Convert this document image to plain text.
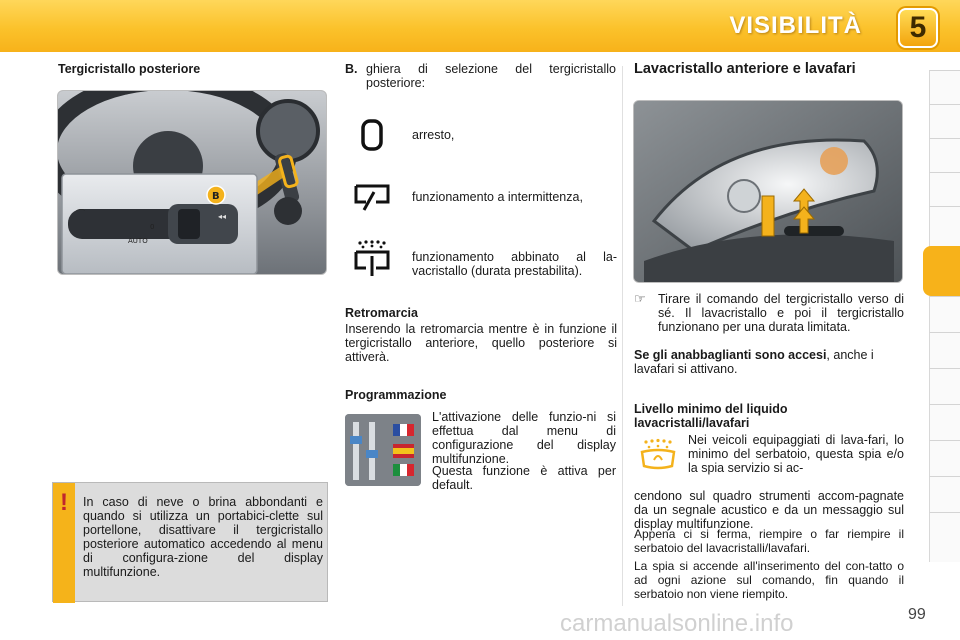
VISIBILITÀ	5
Tergicristallo posteriore
⌒
0
AUTO
◂◂
B
!	In caso di neve o brina abbondanti e quando si utilizza un portabici-clette sul portellone, disattivare il tergicristallo posteriore automatico accedendo al menu di configura-zione del display multifunzione.
B. ghiera di selezione del tergicristallo posteriore:
arresto,
funzionamento a intermittenza,
funzionamento abbinato al la-vacristallo (durata prestabilita).
Retromarcia
Inserendo la retromarcia mentre è in funzione il tergicristallo anteriore, quello posteriore si attiverà.
Programmazione
L'attivazione delle funzio-ni si effettua dal menu di configurazione del display multifunzione.
Questa funzione è attiva per default.
Lavacristallo anteriore e lavafari
☞ Tirare il comando del tergicristallo verso di sé. Il lavacristallo e poi il tergicristallo funzionano per una durata limitata.
Se gli anabbaglianti sono accesi, anche i lavafari si attivano.
Livello minimo del liquido lavacristalli/lavafari
Nei veicoli equipaggiati di lava-fari, lo minimo del serbatoio, questa spia e/o la spia servizio si ac-
cendono sul quadro strumenti accom-pagnate da un segnale acustico e da un messaggio sul display multifunzione.
Appena ci si ferma, riempire o far riempire il serbatoio del lavacristalli/lavafari.
La spia si accende all'inserimento del con-tatto o ad ogni azione sul comando, fin quando il serbatoio non viene riempito.
carmanualsonline.info	99
